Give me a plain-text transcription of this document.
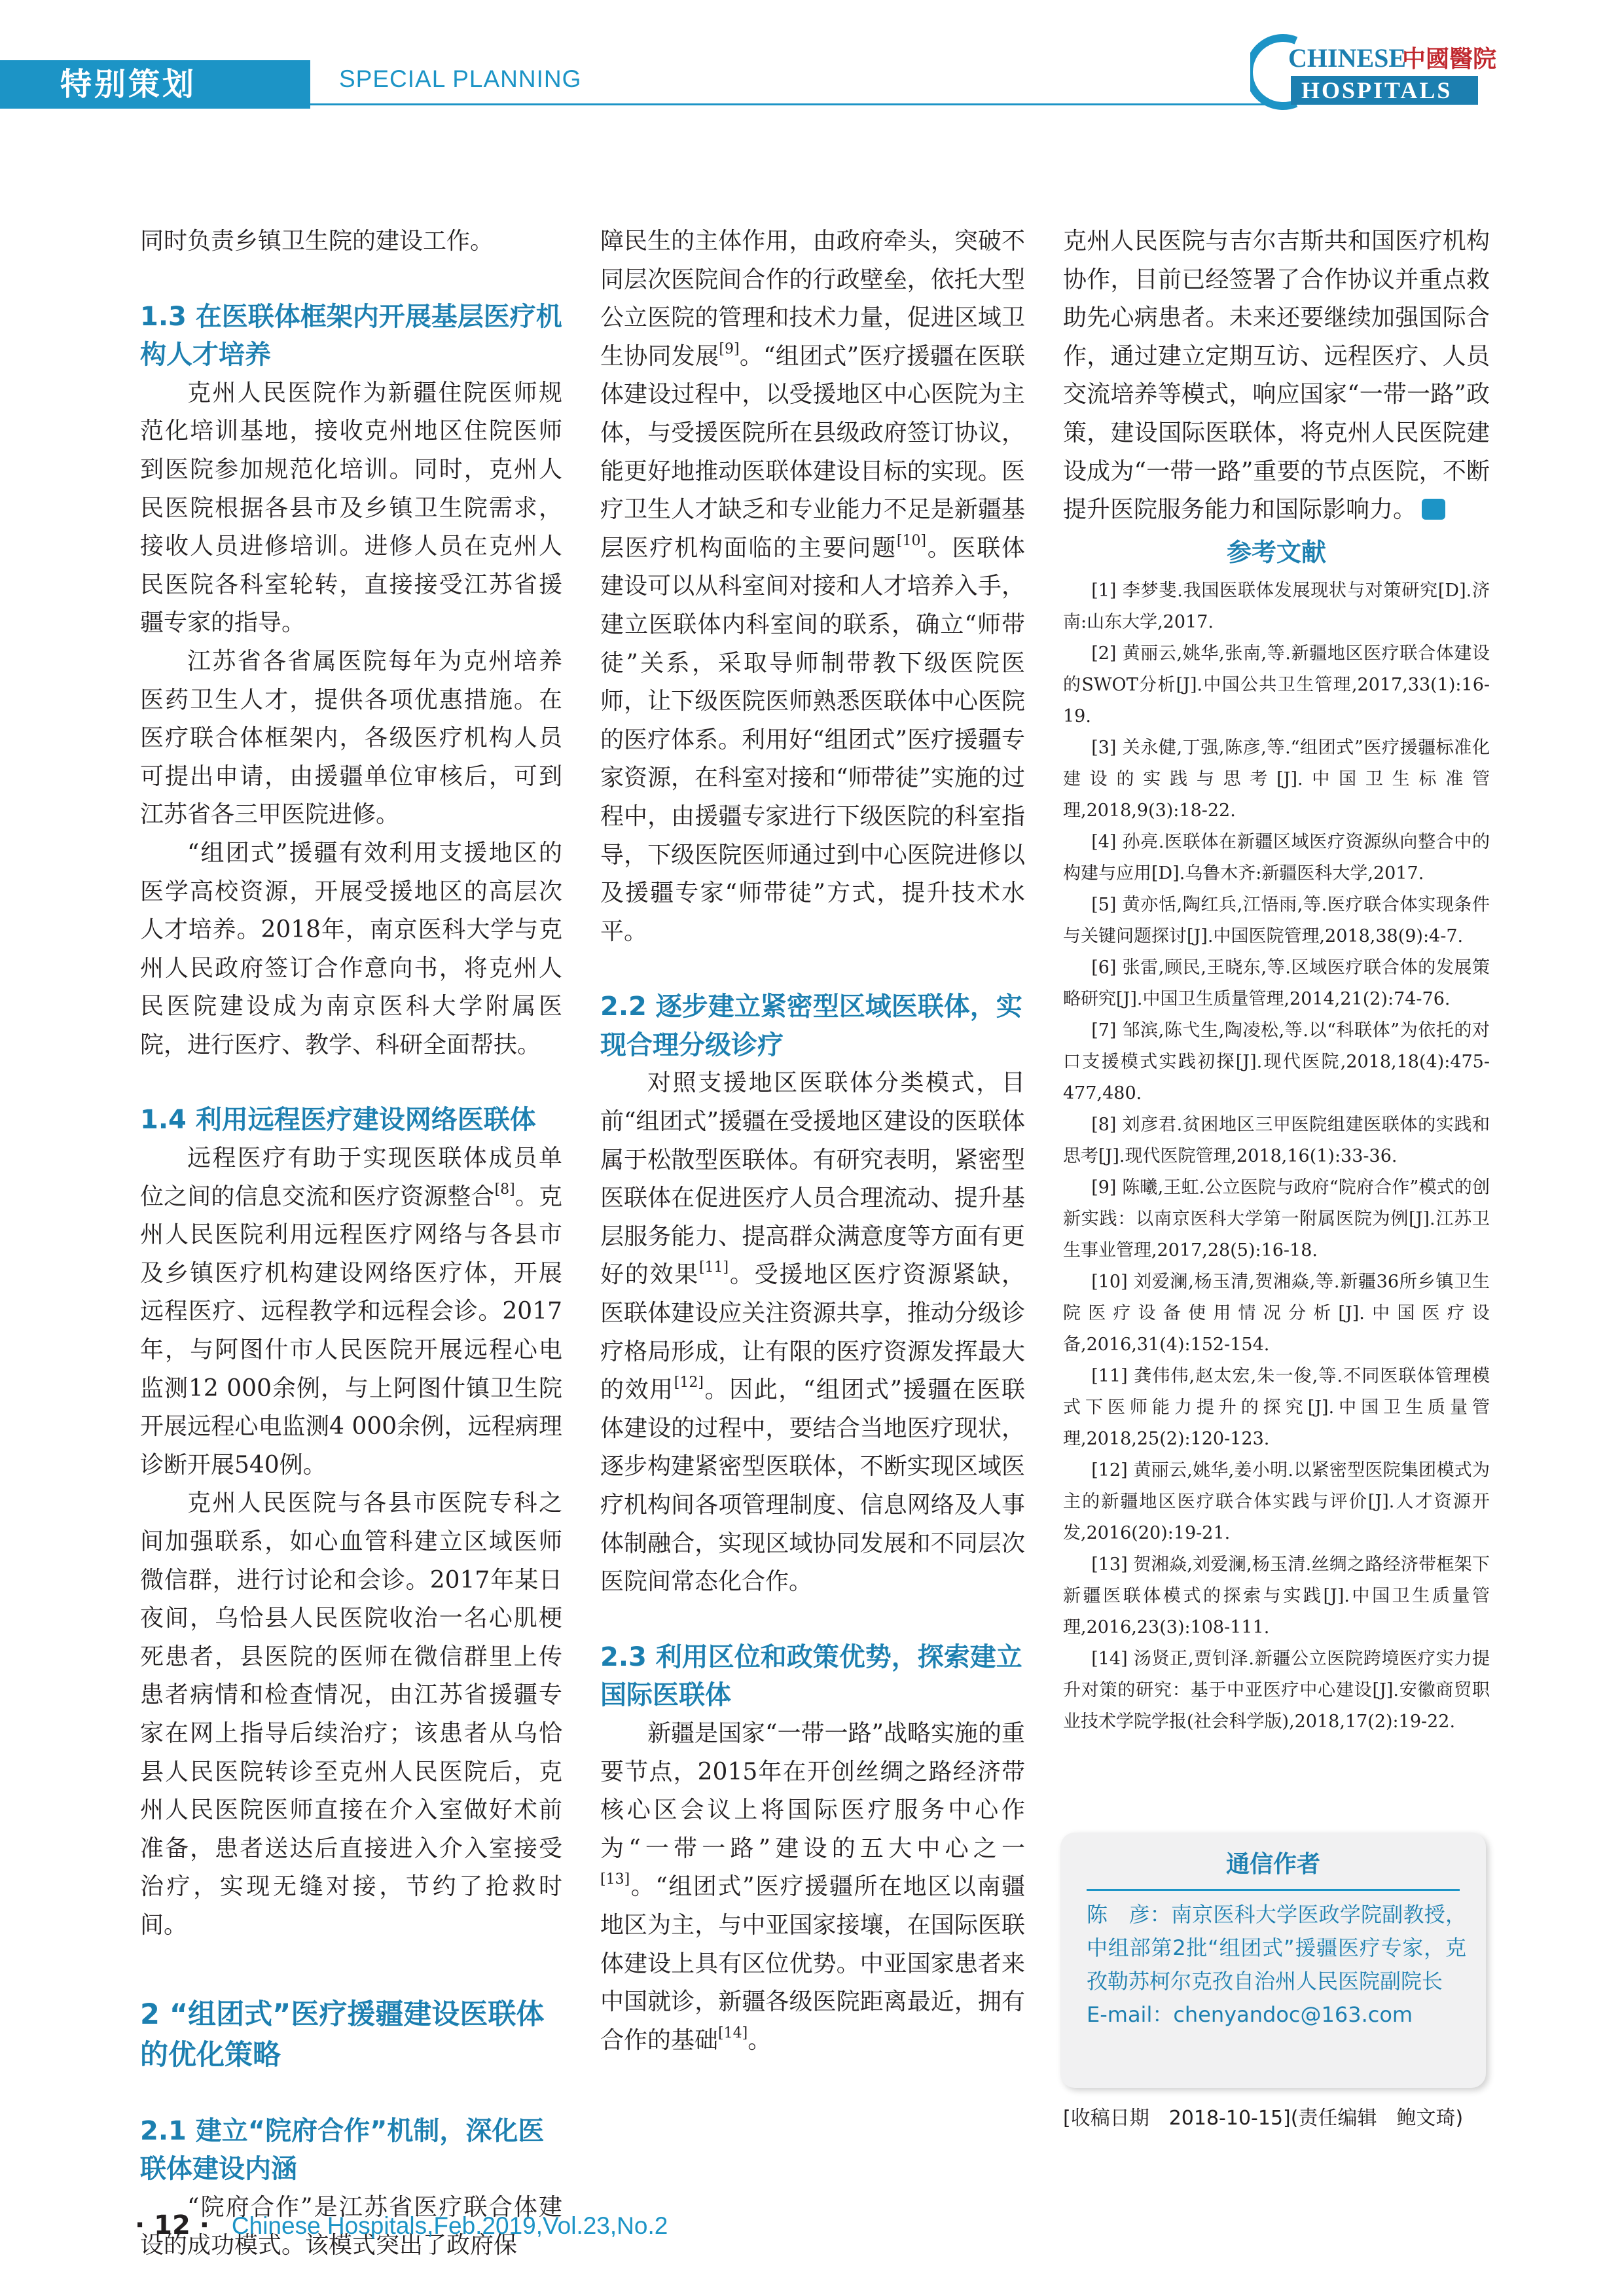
特别策划	SPECIAL PLANNING
CHINESE
中國醫院
HOSPITALS

同时负责乡镇卫生院的建设工作。

1.3 在医联体框架内开展基层医疗机构人才培养

克州人民医院作为新疆住院医师规范化培训基地，接收克州地区住院医师到医院参加规范化培训。同时，克州人民医院根据各县市及乡镇卫生院需求，接收人员进修培训。进修人员在克州人民医院各科室轮转，直接接受江苏省援疆专家的指导。

江苏省各省属医院每年为克州培养医药卫生人才，提供各项优惠措施。在医疗联合体框架内，各级医疗机构人员可提出申请，由援疆单位审核后，可到江苏省各三甲医院进修。

“组团式”援疆有效利用支援地区的医学高校资源，开展受援地区的高层次人才培养。2018年，南京医科大学与克州人民政府签订合作意向书，将克州人民医院建设成为南京医科大学附属医院，进行医疗、教学、科研全面帮扶。

1.4 利用远程医疗建设网络医联体

远程医疗有助于实现医联体成员单位之间的信息交流和医疗资源整合[8]。克州人民医院利用远程医疗网络与各县市及乡镇医疗机构建设网络医疗体，开展远程医疗、远程教学和远程会诊。2017年，与阿图什市人民医院开展远程心电监测12 000余例，与上阿图什镇卫生院开展远程心电监测4 000余例，远程病理诊断开展540例。

克州人民医院与各县市医院专科之间加强联系，如心血管科建立区域医师微信群，进行讨论和会诊。2017年某日夜间，乌恰县人民医院收治一名心肌梗死患者，县医院的医师在微信群里上传患者病情和检查情况，由江苏省援疆专家在网上指导后续治疗；该患者从乌恰县人民医院转诊至克州人民医院后，克州人民医院医师直接在介入室做好术前准备，患者送达后直接进入介入室接受治疗，实现无缝对接，节约了抢救时间。

2 “组团式”医疗援疆建设医联体的优化策略
2.1 建立“院府合作”机制，深化医联体建设内涵

“院府合作”是江苏省医疗联合体建设的成功模式。该模式突出了政府保

障民生的主体作用，由政府牵头，突破不同层次医院间合作的行政壁垒，依托大型公立医院的管理和技术力量，促进区域卫生协同发展[9]。“组团式”医疗援疆在医联体建设过程中，以受援地区中心医院为主体，与受援医院所在县级政府签订协议，能更好地推动医联体建设目标的实现。医疗卫生人才缺乏和专业能力不足是新疆基层医疗机构面临的主要问题[10]。医联体建设可以从科室间对接和人才培养入手，建立医联体内科室间的联系，确立“师带徒”关系，采取导师制带教下级医院医师，让下级医院医师熟悉医联体中心医院的医疗体系。利用好“组团式”医疗援疆专家资源，在科室对接和“师带徒”实施的过程中，由援疆专家进行下级医院的科室指导，下级医院医师通过到中心医院进修以及援疆专家“师带徒”方式，提升技术水平。

2.2 逐步建立紧密型区域医联体，实现合理分级诊疗

对照支援地区医联体分类模式，目前“组团式”援疆在受援地区建设的医联体属于松散型医联体。有研究表明，紧密型医联体在促进医疗人员合理流动、提升基层服务能力、提高群众满意度等方面有更好的效果[11]。受援地区医疗资源紧缺，医联体建设应关注资源共享，推动分级诊疗格局形成，让有限的医疗资源发挥最大的效用[12]。因此，“组团式”援疆在医联体建设的过程中，要结合当地医疗现状，逐步构建紧密型医联体，不断实现区域医疗机构间各项管理制度、信息网络及人事体制融合，实现区域协同发展和不同层次医院间常态化合作。

2.3 利用区位和政策优势，探索建立国际医联体

新疆是国家“一带一路”战略实施的重要节点，2015年在开创丝绸之路经济带核心区会议上将国际医疗服务中心作为“一带一路”建设的五大中心之一[13]。“组团式”医疗援疆所在地区以南疆地区为主，与中亚国家接壤，在国际医联体建设上具有区位优势。中亚国家患者来中国就诊，新疆各级医院距离最近，拥有合作的基础[14]。

克州人民医院与吉尔吉斯共和国医疗机构协作，目前已经签署了合作协议并重点救助先心病患者。未来还要继续加强国际合作，通过建立定期互访、远程医疗、人员交流培养等模式，响应国家“一带一路”政策，建设国际医联体，将克州人民医院建设成为“一带一路”重要的节点医院，不断提升医院服务能力和国际影响力。

参考文献

[1] 李梦斐.我国医联体发展现状与对策研究[D].济南:山东大学,2017.

[2] 黄丽云,姚华,张南,等.新疆地区医疗联合体建设的SWOT分析[J].中国公共卫生管理,2017,33(1):16-19.

[3] 关永健,丁强,陈彦,等.“组团式”医疗援疆标准化建设的实践与思考[J].中国卫生标准管理,2018,9(3):18-22.

[4] 孙亮.医联体在新疆区域医疗资源纵向整合中的构建与应用[D].乌鲁木齐:新疆医科大学,2017.

[5] 黄亦恬,陶红兵,江悟雨,等.医疗联合体实现条件与关键问题探讨[J].中国医院管理,2018,38(9):4-7.

[6] 张雷,顾民,王晓东,等.区域医疗联合体的发展策略研究[J].中国卫生质量管理,2014,21(2):74-76.

[7] 邹滨,陈弋生,陶凌松,等.以“科联体”为依托的对口支援模式实践初探[J].现代医院,2018,18(4):475-477,480.

[8] 刘彦君.贫困地区三甲医院组建医联体的实践和思考[J].现代医院管理,2018,16(1):33-36.

[9] 陈曦,王虹.公立医院与政府“院府合作”模式的创新实践：以南京医科大学第一附属医院为例[J].江苏卫生事业管理,2017,28(5):16-18.

[10] 刘爱澜,杨玉清,贺湘焱,等.新疆36所乡镇卫生院医疗设备使用情况分析[J].中国医疗设备,2016,31(4):152-154.

[11] 龚伟伟,赵太宏,朱一俊,等.不同医联体管理模式下医师能力提升的探究[J].中国卫生质量管理,2018,25(2):120-123.

[12] 黄丽云,姚华,姜小明.以紧密型医院集团模式为主的新疆地区医疗联合体实践与评价[J].人才资源开发,2016(20):19-21.

[13] 贺湘焱,刘爱澜,杨玉清.丝绸之路经济带框架下新疆医联体模式的探索与实践[J].中国卫生质量管理,2016,23(3):108-111.

[14] 汤贤正,贾钊泽.新疆公立医院跨境医疗实力提升对策的研究：基于中亚医疗中心建设[J].安徽商贸职业技术学院学报(社会科学版),2018,17(2):19-22.

通信作者
陈　彦：南京医科大学医政学院副教授，中组部第2批“组团式”援疆医疗专家，克孜勒苏柯尔克孜自治州人民医院副院长
E-mail：chenyandoc@163.com
[收稿日期　2018-10-15](责任编辑　鲍文琦)
· 12 · Chinese Hospitals,Feb.2019,Vol.23,No.2
